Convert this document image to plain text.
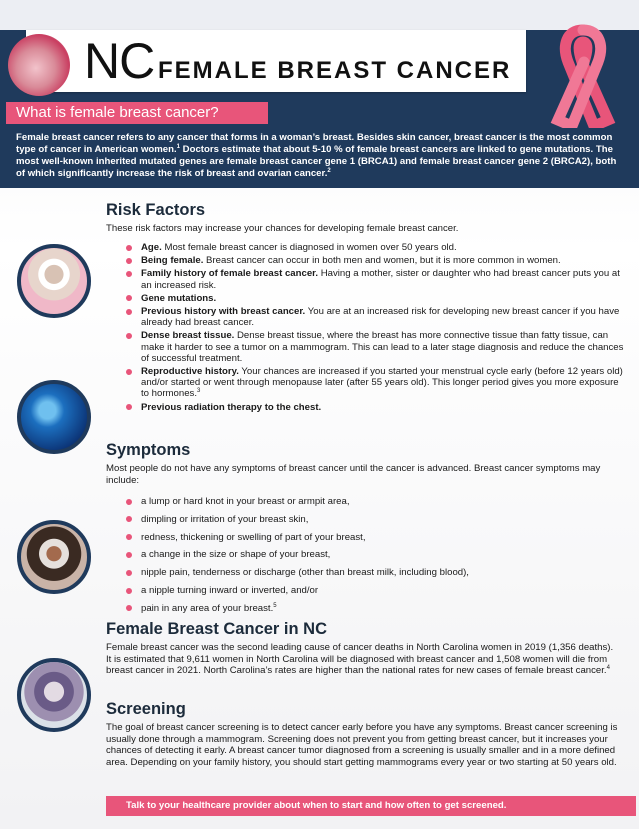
NC FEMALE BREAST CANCER
What is female breast cancer?

Female breast cancer refers to any cancer that forms in a woman’s breast. Besides skin cancer, breast cancer is the most common type of cancer in American women.$^1$ Doctors estimate that about 5-10 % of female breast cancers are linked to gene mutations. The most well-known inherited mutated genes are female breast cancer gene 1 (BRCA1) and female breast cancer gene 2 (BRCA2), both of which significantly increase the risk of breast and ovarian cancer.$^2$

Risk Factors

These risk factors may increase your chances for developing female breast cancer.

Age. Most female breast cancer is diagnosed in women over 50 years old.
Being female. Breast cancer can occur in both men and women, but it is more common in women.
Family history of female breast cancer. Having a mother, sister or daughter who had breast cancer puts you at an increased risk.
Gene mutations.
Previous history with breast cancer. You are at an increased risk for developing new breast cancer if you have already had breast cancer.
Dense breast tissue. Dense breast tissue, where the breast has more connective tissue than fatty tissue, can make it harder to see a tumor on a mammogram. This can lead to a later stage diagnosis and reduce the chances of successful treatment.
Reproductive history. Your chances are increased if you started your menstrual cycle early (before 12 years old) and/or started or went through menopause later (after 55 years old). This longer period gives you more exposure to hormones.$^3$
Previous radiation therapy to the chest.
Symptoms

Most people do not have any symptoms of breast cancer until the cancer is advanced. Breast cancer symptoms may include:

a lump or hard knot in your breast or armpit area,
dimpling or irritation of your breast skin,
redness, thickening or swelling of part of your breast,
a change in the size or shape of your breast,
nipple pain, tenderness or discharge (other than breast milk, including blood),
a nipple turning inward or inverted, and/or
pain in any area of your breast.$^5$
Female Breast Cancer in NC

Female breast cancer was the second leading cause of cancer deaths in North Carolina women in 2019 (1,356 deaths). It is estimated that 9,611 women in North Carolina will be diagnosed with breast cancer and 1,508 women will die from breast cancer in 2021. North Carolina’s rates are higher than the national rates for new cases of female breast cancer.$^4$

Screening

The goal of breast cancer screening is to detect cancer early before you have any symptoms. Breast cancer screening is usually done through a mammogram. Screening does not prevent you from getting breast cancer, but it increases your chances of detecting it early. A breast cancer tumor diagnosed from a screening is usually smaller and in a more defined area. Depending on your family history, you should start getting mammograms every year or two starting at 50 years old.

Talk to your healthcare provider about when to start and how often to get screened.
